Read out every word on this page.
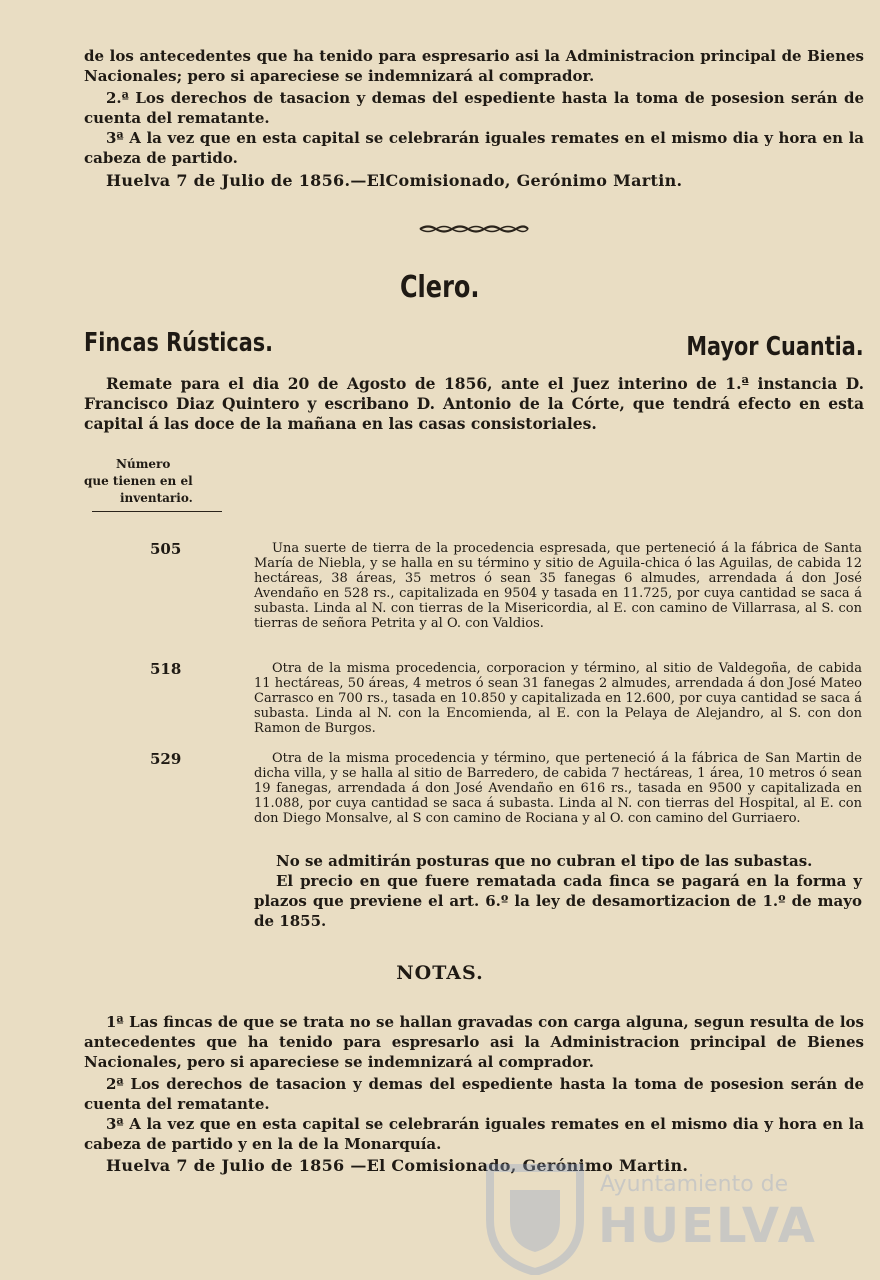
de los antecedentes que ha tenido para espresario asi la Administracion principal de Bienes Nacionales; pero si apareciese se indemnizará al comprador.
2.ª Los derechos de tasacion y demas del espediente hasta la toma de posesion serán de cuenta del rematante.
3ª A la vez que en esta capital se celebrarán iguales remates en el mismo dia y hora en la cabeza de partido.
Huelva 7 de Julio de 1856.—ElComisionado, Gerónimo Martin.
Clero.
Fincas Rústicas.	Mayor Cuantia.
Remate para el dia 20 de Agosto de 1856, ante el Juez interino de 1.ª instancia D. Francisco Diaz Quintero y escribano D. Antonio de la Córte, que tendrá efecto en esta capital á las doce de la mañana en las casas consistoriales.
Número
que tienen en el
inventario.
505	Una suerte de tierra de la procedencia espresada, que perteneció á la fábrica de Santa María de Niebla, y se halla en su término y sitio de Aguila-chica ó las Aguilas, de cabida 12 hectáreas, 38 áreas, 35 metros ó sean 35 fanegas 6 almudes, arrendada á don José Avendaño en 528 rs., capitalizada en 9504 y tasada en 11.725, por cuya cantidad se saca á subasta. Linda al N. con tierras de la Misericordia, al E. con camino de Villarrasa, al S. con tierras de señora Petrita y al O. con Valdios.
518	Otra de la misma procedencia, corporacion y término, al sitio de Valdegoña, de cabida 11 hectáreas, 50 áreas, 4 metros ó sean 31 fanegas 2 almudes, arrendada á don José Mateo Carrasco en 700 rs., tasada en 10.850 y capitalizada en 12.600, por cuya cantidad se saca á subasta. Linda al N. con la Encomienda, al E. con la Pelaya de Alejandro, al S. con don Ramon de Burgos.
529	Otra de la misma procedencia y término, que perteneció á la fábrica de San Martin de dicha villa, y se halla al sitio de Barredero, de cabida 7 hectáreas, 1 área, 10 metros ó sean 19 fanegas, arrendada á don José Avendaño en 616 rs., tasada en 9500 y capitalizada en 11.088, por cuya cantidad se saca á subasta. Linda al N. con tierras del Hospital, al E. con don Diego Monsalve, al S con camino de Rociana y al O. con camino del Gurriaero.

No se admitirán posturas que no cubran el tipo de las subastas.

El precio en que fuere rematada cada finca se pagará en la forma y plazos que previene el art. 6.º la ley de desamortizacion de 1.º de mayo de 1855.

NOTAS.
1ª Las fincas de que se trata no se hallan gravadas con carga alguna, segun resulta de los antecedentes que ha tenido para espresarlo asi la Administracion principal de Bienes Nacionales, pero si apareciese se indemnizará al comprador.
2ª Los derechos de tasacion y demas del espediente hasta la toma de posesion serán de cuenta del rematante.
3ª A la vez que en esta capital se celebrarán iguales remates en el mismo dia y hora en la cabeza de partido y en la de la Monarquía.
Huelva 7 de Julio de 1856 —El Comisionado, Gerónimo Martin.
Ayuntamiento de
HUELVA
